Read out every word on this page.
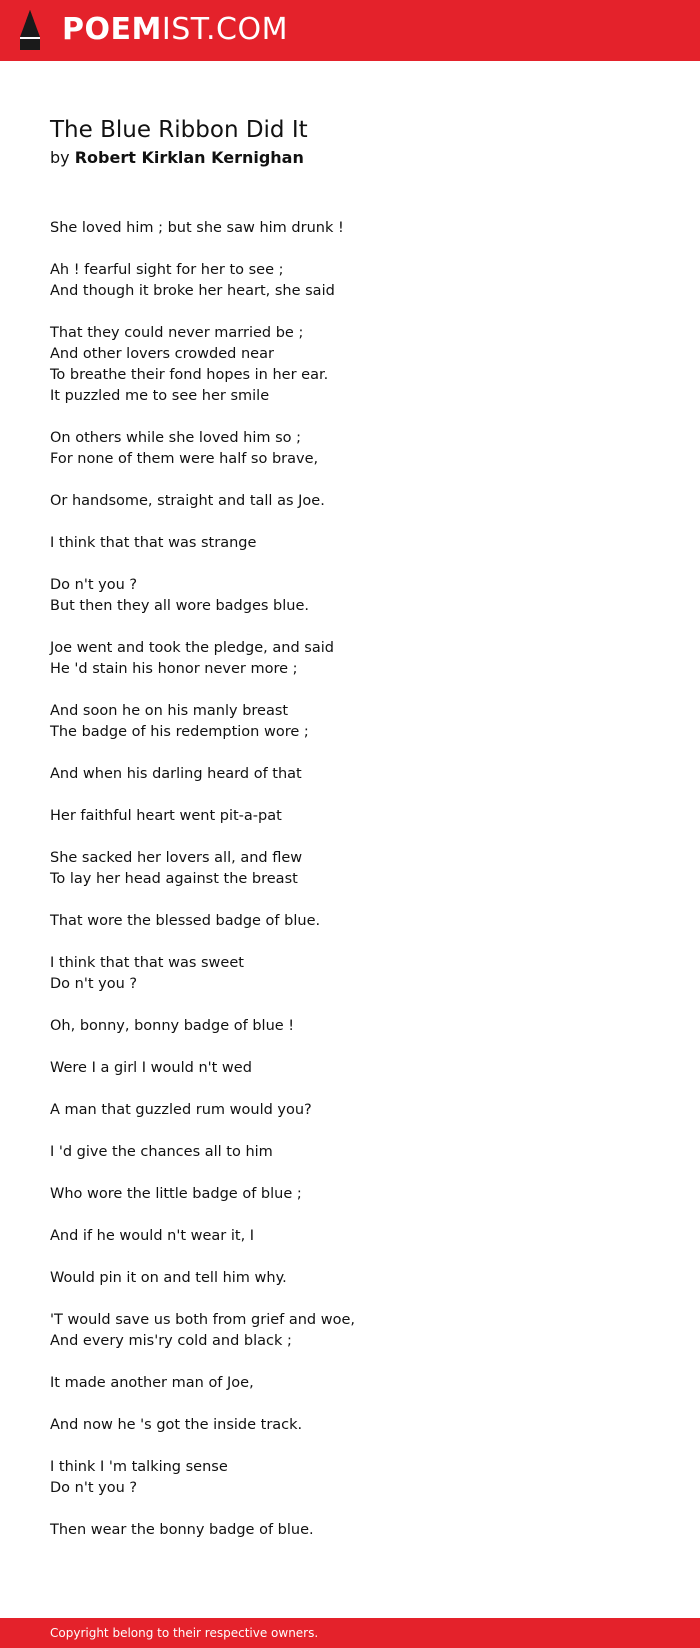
POEMIST.COM
The Blue Ribbon Did It
by Robert Kirklan Kernighan
She loved him ; but she saw him drunk !
Ah ! fearful sight for her to see ;
And though it broke her heart, she said
That they could never married be ;
And other lovers crowded near
To breathe their fond hopes in her ear.
It puzzled me to see her smile
On others while she loved him so ;
For none of them were half so brave,
Or handsome, straight and tall as Joe.
I think that that was strange
Do n't you ?
But then they all wore badges blue.
Joe went and took the pledge, and said
He 'd stain his honor never more ;
And soon he on his manly breast
The badge of his redemption wore ;
And when his darling heard of that
Her faithful heart went pit-a-pat
She sacked her lovers all, and flew
To lay her head against the breast
That wore the blessed badge of blue.
I think that that was sweet
Do n't you ?
Oh, bonny, bonny badge of blue !
Were I a girl I would n't wed
A man that guzzled rum would you?
I 'd give the chances all to him
Who wore the little badge of blue ;
And if he would n't wear it, I
Would pin it on and tell him why.
'T would save us both from grief and woe,
And every mis'ry cold and black ;
It made another man of Joe,
And now he 's got the inside track.
I think I 'm talking sense
Do n't you ?
Then wear the bonny badge of blue.
Copyright belong to their respective owners.
